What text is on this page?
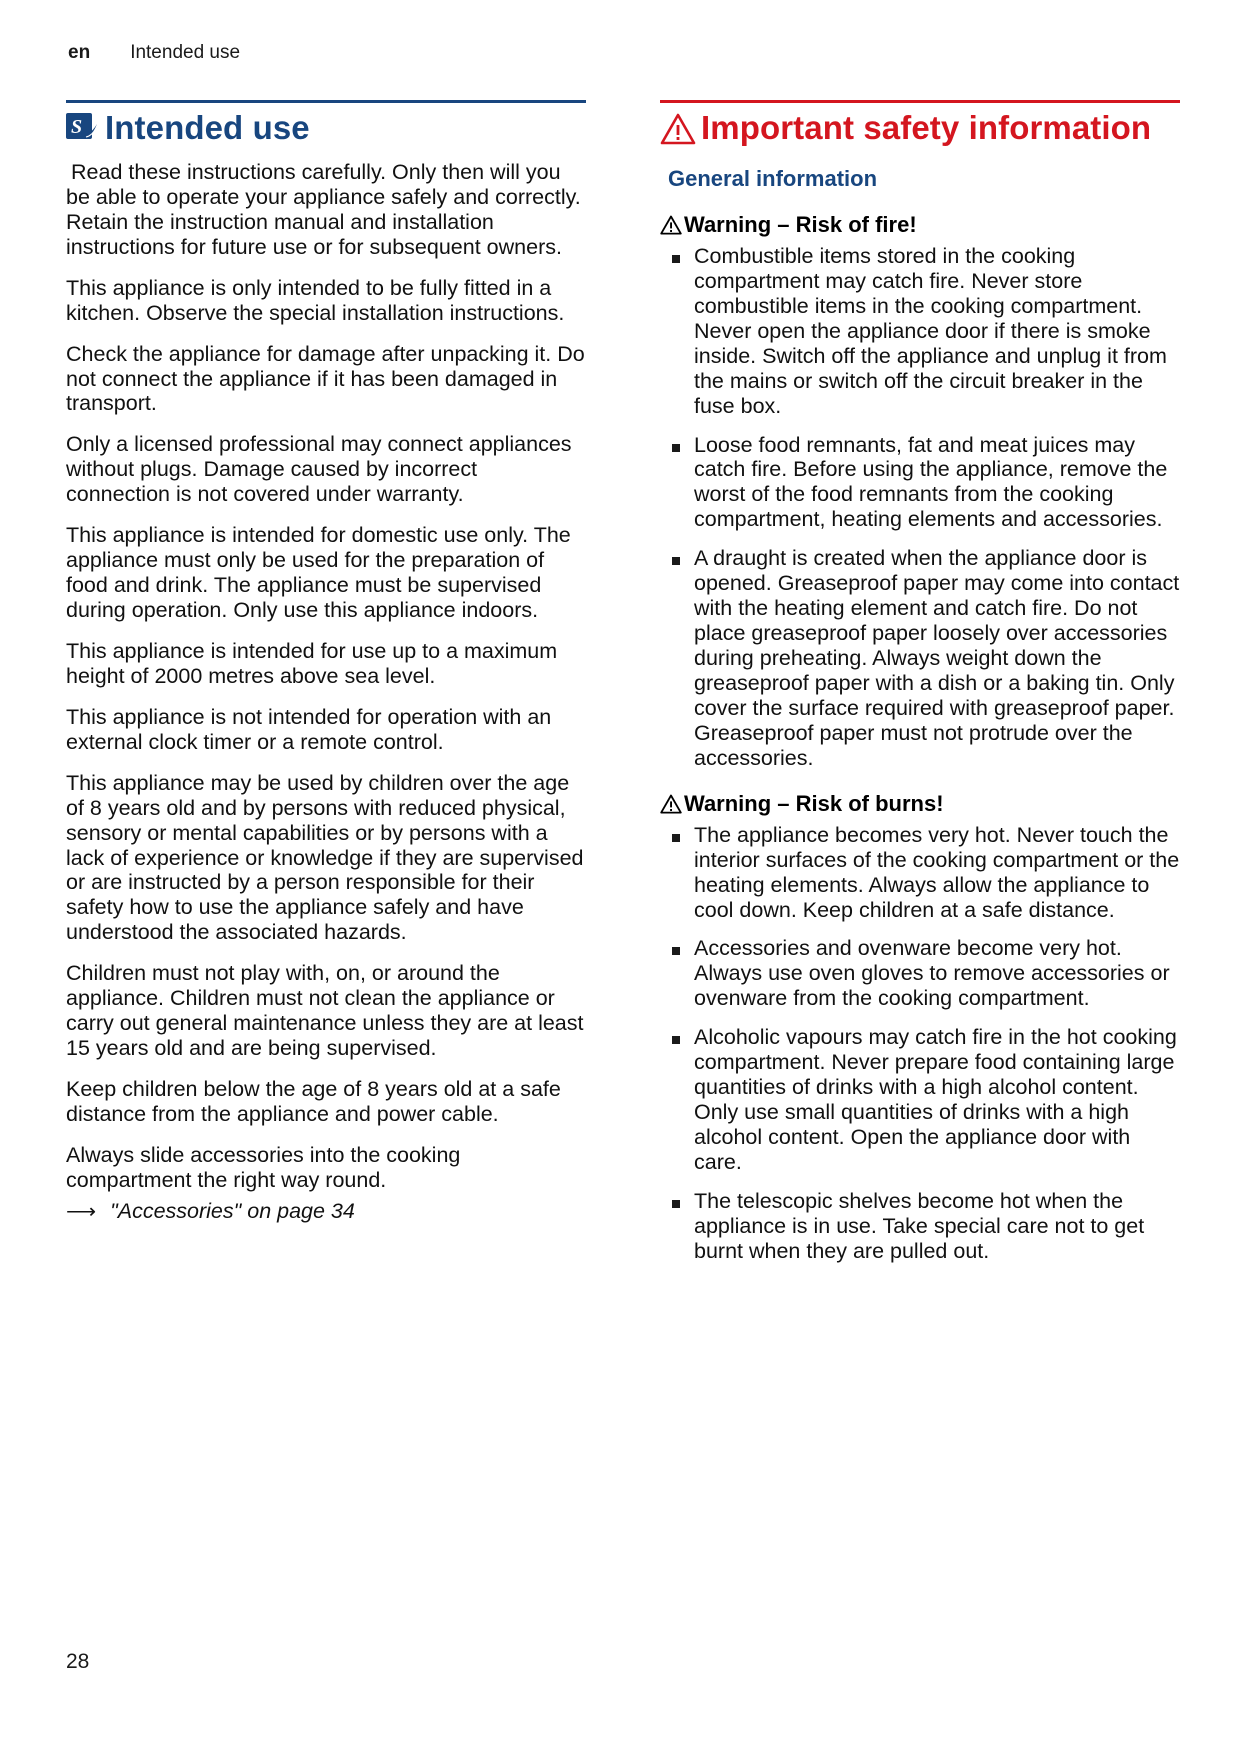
en Intended use
S Intended use

Read these instructions carefully. Only then will you be able to operate your appliance safely and correctly. Retain the instruction manual and installation instructions for future use or for subsequent owners.

This appliance is only intended to be fully fitted in a kitchen. Observe the special installation instructions.

Check the appliance for damage after unpacking it. Do not connect the appliance if it has been damaged in transport.

Only a licensed professional may connect appliances without plugs. Damage caused by incorrect connection is not covered under warranty.

This appliance is intended for domestic use only. The appliance must only be used for the preparation of food and drink. The appliance must be supervised during operation. Only use this appliance indoors.

This appliance is intended for use up to a maximum height of 2000 metres above sea level.

This appliance is not intended for operation with an external clock timer or a remote control.

This appliance may be used by children over the age of 8 years old and by persons with reduced physical, sensory or mental capabilities or by persons with a lack of experience or knowledge if they are supervised or are instructed by a person responsible for their safety how to use the appliance safely and have understood the associated hazards.

Children must not play with, on, or around the appliance. Children must not clean the appliance or carry out general maintenance unless they are at least 15 years old and are being supervised.

Keep children below the age of 8 years old at a safe distance from the appliance and power cable.

Always slide accessories into the cooking compartment the right way round.

⟶ "Accessories" on page 34
Important safety information
General information
Warning – Risk of fire!
Combustible items stored in the cooking compartment may catch fire. Never store combustible items in the cooking compartment. Never open the appliance door if there is smoke inside. Switch off the appliance and unplug it from the mains or switch off the circuit breaker in the fuse box.
Loose food remnants, fat and meat juices may catch fire. Before using the appliance, remove the worst of the food remnants from the cooking compartment, heating elements and accessories.
A draught is created when the appliance door is opened. Greaseproof paper may come into contact with the heating element and catch fire. Do not place greaseproof paper loosely over accessories during preheating. Always weight down the greaseproof paper with a dish or a baking tin. Only cover the surface required with greaseproof paper. Greaseproof paper must not protrude over the accessories.
Warning – Risk of burns!
The appliance becomes very hot. Never touch the interior surfaces of the cooking compartment or the heating elements. Always allow the appliance to cool down. Keep children at a safe distance.
Accessories and ovenware become very hot. Always use oven gloves to remove accessories or ovenware from the cooking compartment.
Alcoholic vapours may catch fire in the hot cooking compartment. Never prepare food containing large quantities of drinks with a high alcohol content. Only use small quantities of drinks with a high alcohol content. Open the appliance door with care.
The telescopic shelves become hot when the appliance is in use. Take special care not to get burnt when they are pulled out.
28
